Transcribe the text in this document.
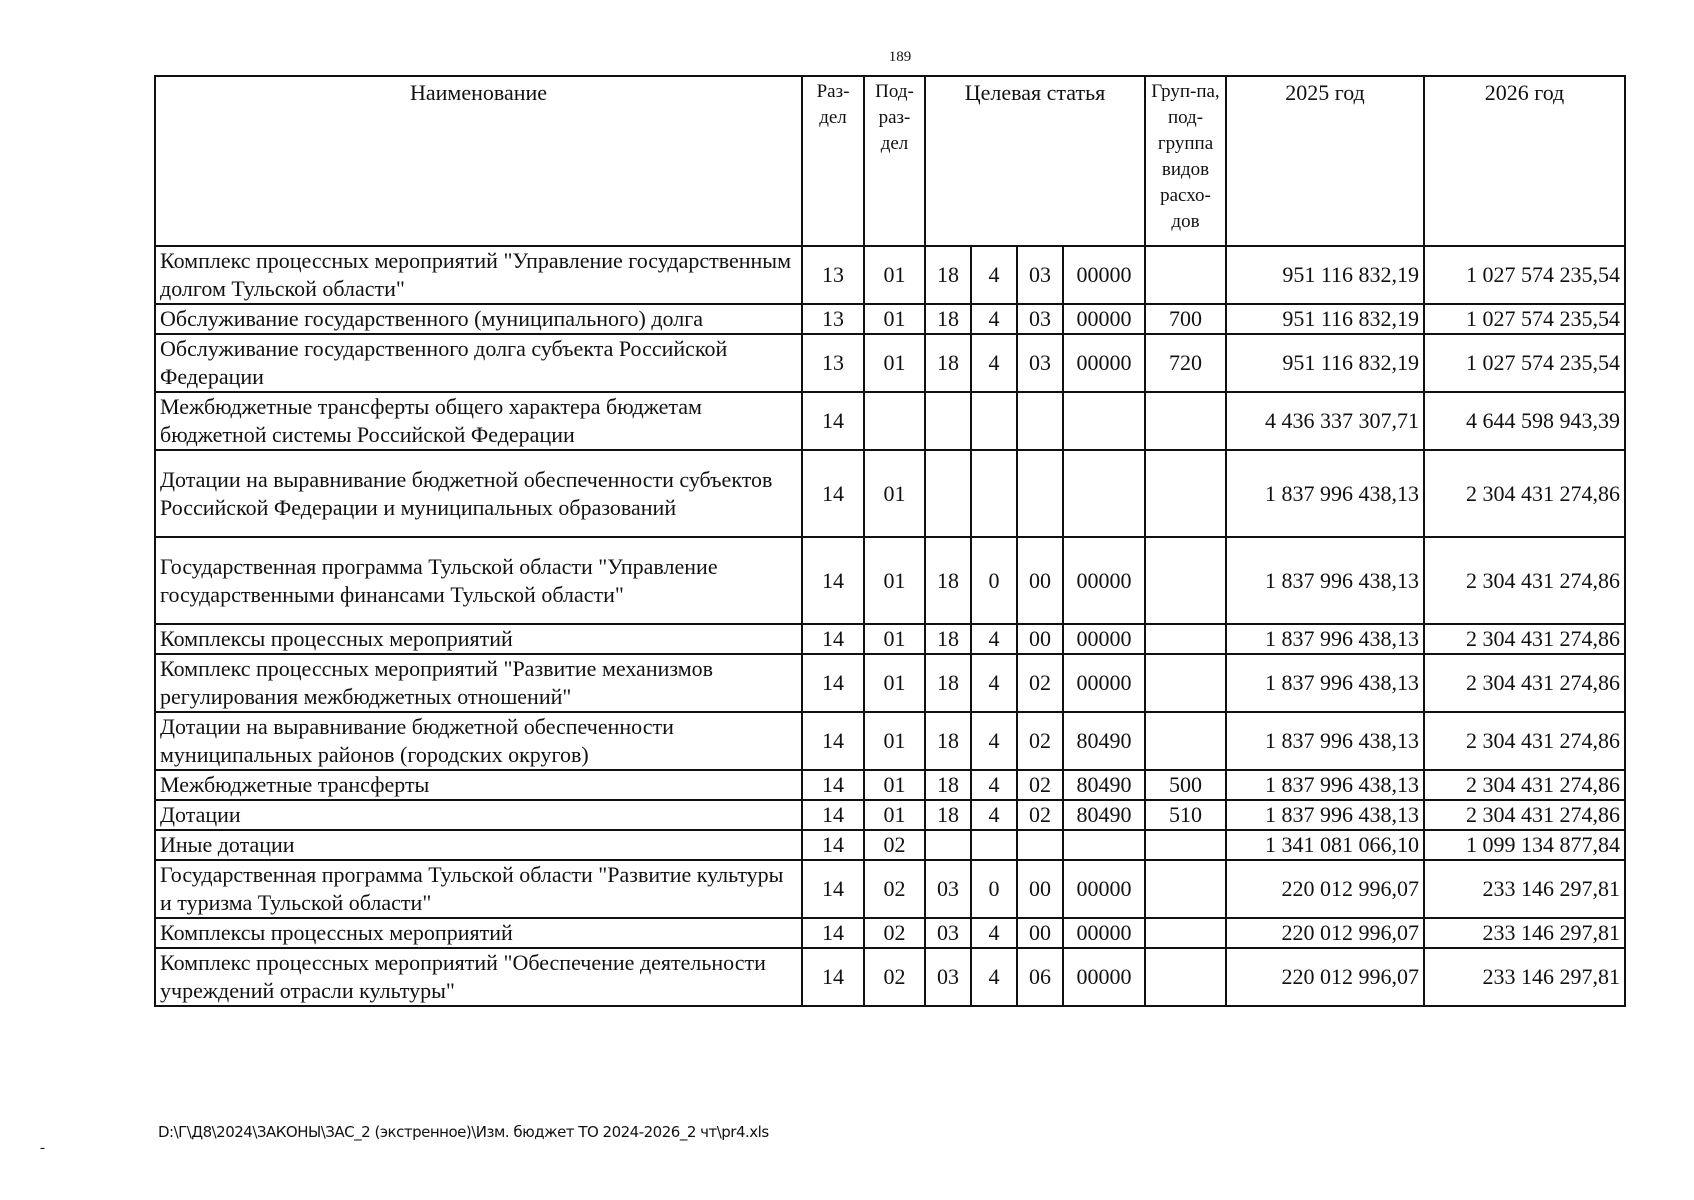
189
Наименование	Раз-дел	Под-раз-дел	Целевая статья				Груп-па, под-группа видов расхо-дов	2025 год	2026 год
Комплекс процессных мероприятий "Управление государственным долгом Тульской области"	13	01	18	4	03	00000		951 116 832,19	1 027 574 235,54
Обслуживание государственного (муниципального) долга	13	01	18	4	03	00000	700	951 116 832,19	1 027 574 235,54
Обслуживание государственного долга субъекта Российской Федерации	13	01	18	4	03	00000	720	951 116 832,19	1 027 574 235,54
Межбюджетные трансферты общего характера бюджетам бюджетной системы Российской Федерации	14							4 436 337 307,71	4 644 598 943,39
Дотации на выравнивание бюджетной обеспеченности субъектов Российской Федерации и муниципальных образований	14	01						1 837 996 438,13	2 304 431 274,86
Государственная программа Тульской области "Управление государственными финансами Тульской области"	14	01	18	0	00	00000		1 837 996 438,13	2 304 431 274,86
Комплексы процессных мероприятий	14	01	18	4	00	00000		1 837 996 438,13	2 304 431 274,86
Комплекс процессных мероприятий "Развитие механизмов регулирования межбюджетных отношений"	14	01	18	4	02	00000		1 837 996 438,13	2 304 431 274,86
Дотации на выравнивание бюджетной обеспеченности муниципальных районов (городских округов)	14	01	18	4	02	80490		1 837 996 438,13	2 304 431 274,86
Межбюджетные трансферты	14	01	18	4	02	80490	500	1 837 996 438,13	2 304 431 274,86
Дотации	14	01	18	4	02	80490	510	1 837 996 438,13	2 304 431 274,86
Иные дотации	14	02						1 341 081 066,10	1 099 134 877,84
Государственная программа Тульской области "Развитие культуры и туризма Тульской области"	14	02	03	0	00	00000		220 012 996,07	233 146 297,81
Комплексы процессных мероприятий	14	02	03	4	00	00000		220 012 996,07	233 146 297,81
Комплекс процессных мероприятий "Обеспечение деятельности учреждений отрасли культуры"	14	02	03	4	06	00000		220 012 996,07	233 146 297,81
D:\Г\Д8\2024\ЗАКОНЫ\ЗАС_2 (экстренное)\Изм. бюджет ТО 2024-2026_2 чт\pr4.xls
-
